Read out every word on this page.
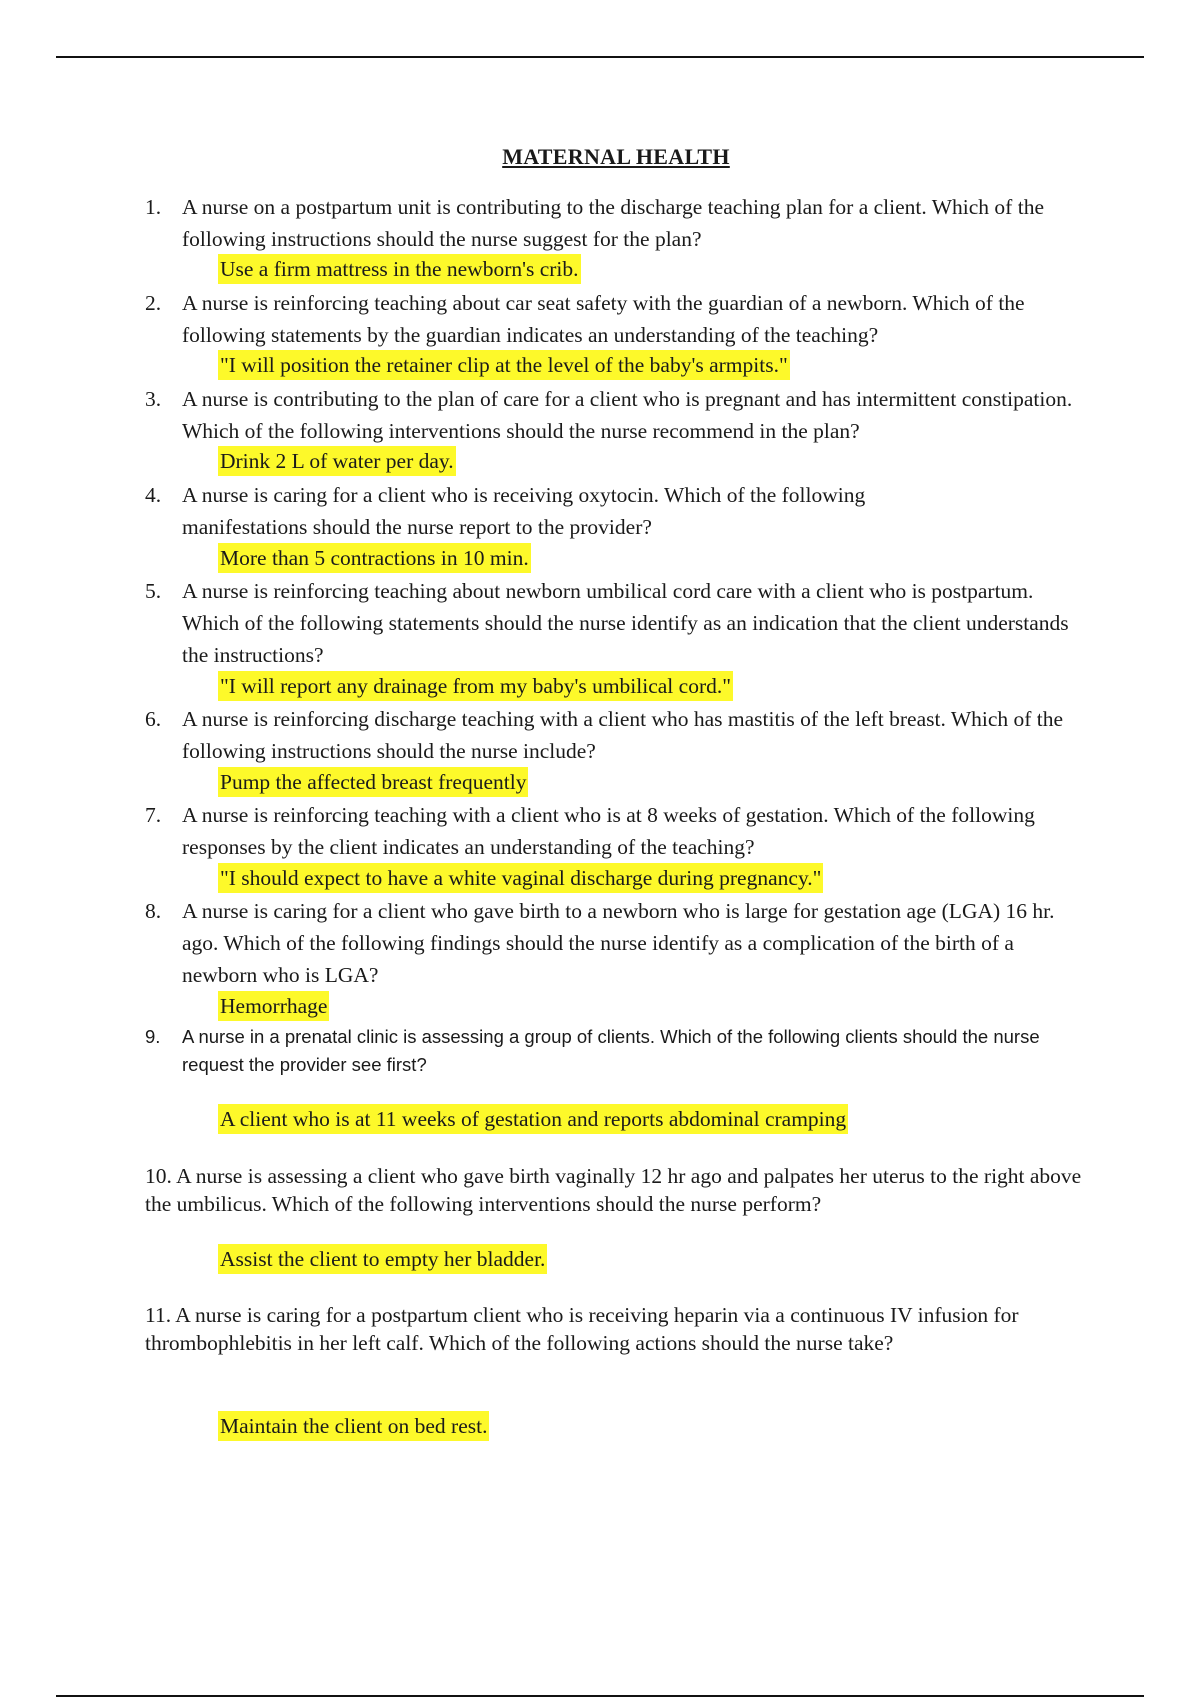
MATERNAL HEALTH
1. A nurse on a postpartum unit is contributing to the discharge teaching plan for a client. Which of the following instructions should the nurse suggest for the plan?
Use a firm mattress in the newborn's crib.
2. A nurse is reinforcing teaching about car seat safety with the guardian of a newborn. Which of the following statements by the guardian indicates an understanding of the teaching?
"I will position the retainer clip at the level of the baby's armpits."
3. A nurse is contributing to the plan of care for a client who is pregnant and has intermittent constipation. Which of the following interventions should the nurse recommend in the plan?
Drink 2 L of water per day.
4. A nurse is caring for a client who is receiving oxytocin. Which of the following manifestations should the nurse report to the provider?
More than 5 contractions in 10 min.
5. A nurse is reinforcing teaching about newborn umbilical cord care with a client who is postpartum. Which of the following statements should the nurse identify as an indication that the client understands the instructions?
"I will report any drainage from my baby's umbilical cord."
6. A nurse is reinforcing discharge teaching with a client who has mastitis of the left breast. Which of the following instructions should the nurse include?
Pump the affected breast frequently
7. A nurse is reinforcing teaching with a client who is at 8 weeks of gestation. Which of the following responses by the client indicates an understanding of the teaching?
"I should expect to have a white vaginal discharge during pregnancy."
8. A nurse is caring for a client who gave birth to a newborn who is large for gestation age (LGA) 16 hr. ago. Which of the following findings should the nurse identify as a complication of the birth of a newborn who is LGA?
Hemorrhage
9.	A nurse in a prenatal clinic is assessing a group of clients. Which of the following clients should the nurse request the provider see first?
A client who is at 11 weeks of gestation and reports abdominal cramping
10. A nurse is assessing a client who gave birth vaginally 12 hr ago and palpates her uterus to the right above the umbilicus. Which of the following interventions should the nurse perform?
Assist the client to empty her bladder.
11. A nurse is caring for a postpartum client who is receiving heparin via a continuous IV infusion for thrombophlebitis in her left calf. Which of the following actions should the nurse take?
Maintain the client on bed rest.
